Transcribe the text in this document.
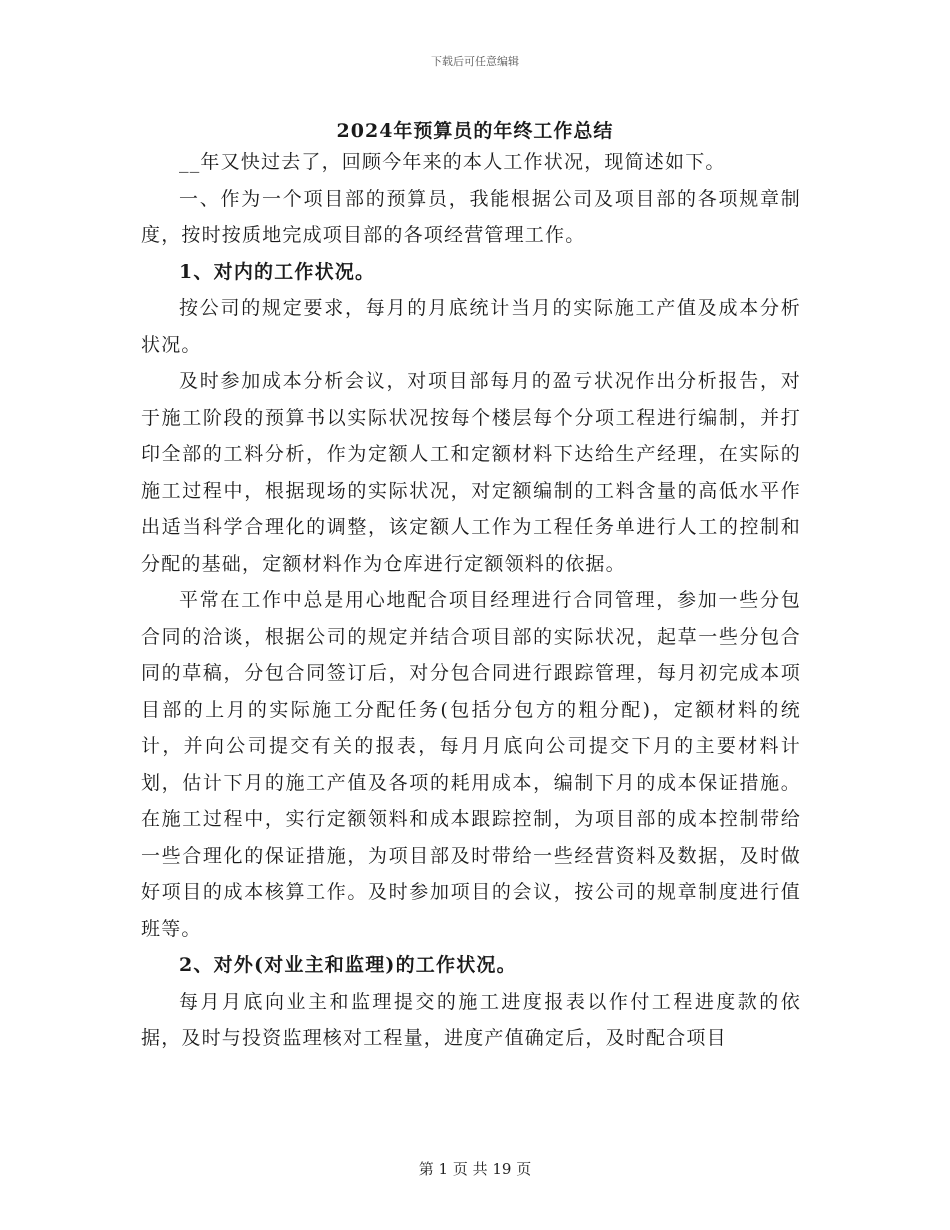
下载后可任意编辑
2024年预算员的年终工作总结

__年又快过去了，回顾今年来的本人工作状况，现简述如下。

一、作为一个项目部的预算员，我能根据公司及项目部的各项规章制度，按时按质地完成项目部的各项经营管理工作。

1、对内的工作状况。

按公司的规定要求，每月的月底统计当月的实际施工产值及成本分析状况。

及时参加成本分析会议，对项目部每月的盈亏状况作出分析报告，对于施工阶段的预算书以实际状况按每个楼层每个分项工程进行编制，并打印全部的工料分析，作为定额人工和定额材料下达给生产经理，在实际的施工过程中，根据现场的实际状况，对定额编制的工料含量的高低水平作出适当科学合理化的调整，该定额人工作为工程任务单进行人工的控制和分配的基础，定额材料作为仓库进行定额领料的依据。

平常在工作中总是用心地配合项目经理进行合同管理，参加一些分包合同的洽谈，根据公司的规定并结合项目部的实际状况，起草一些分包合同的草稿，分包合同签订后，对分包合同进行跟踪管理，每月初完成本项目部的上月的实际施工分配任务(包括分包方的粗分配)，定额材料的统计，并向公司提交有关的报表，每月月底向公司提交下月的主要材料计划，估计下月的施工产值及各项的耗用成本，编制下月的成本保证措施。在施工过程中，实行定额领料和成本跟踪控制，为项目部的成本控制带给一些合理化的保证措施，为项目部及时带给一些经营资料及数据，及时做好项目的成本核算工作。及时参加项目的会议，按公司的规章制度进行值班等。

2、对外(对业主和监理)的工作状况。

每月月底向业主和监理提交的施工进度报表以作付工程进度款的依据，及时与投资监理核对工程量，进度产值确定后，及时配合项目

第 1 页 共 19 页
